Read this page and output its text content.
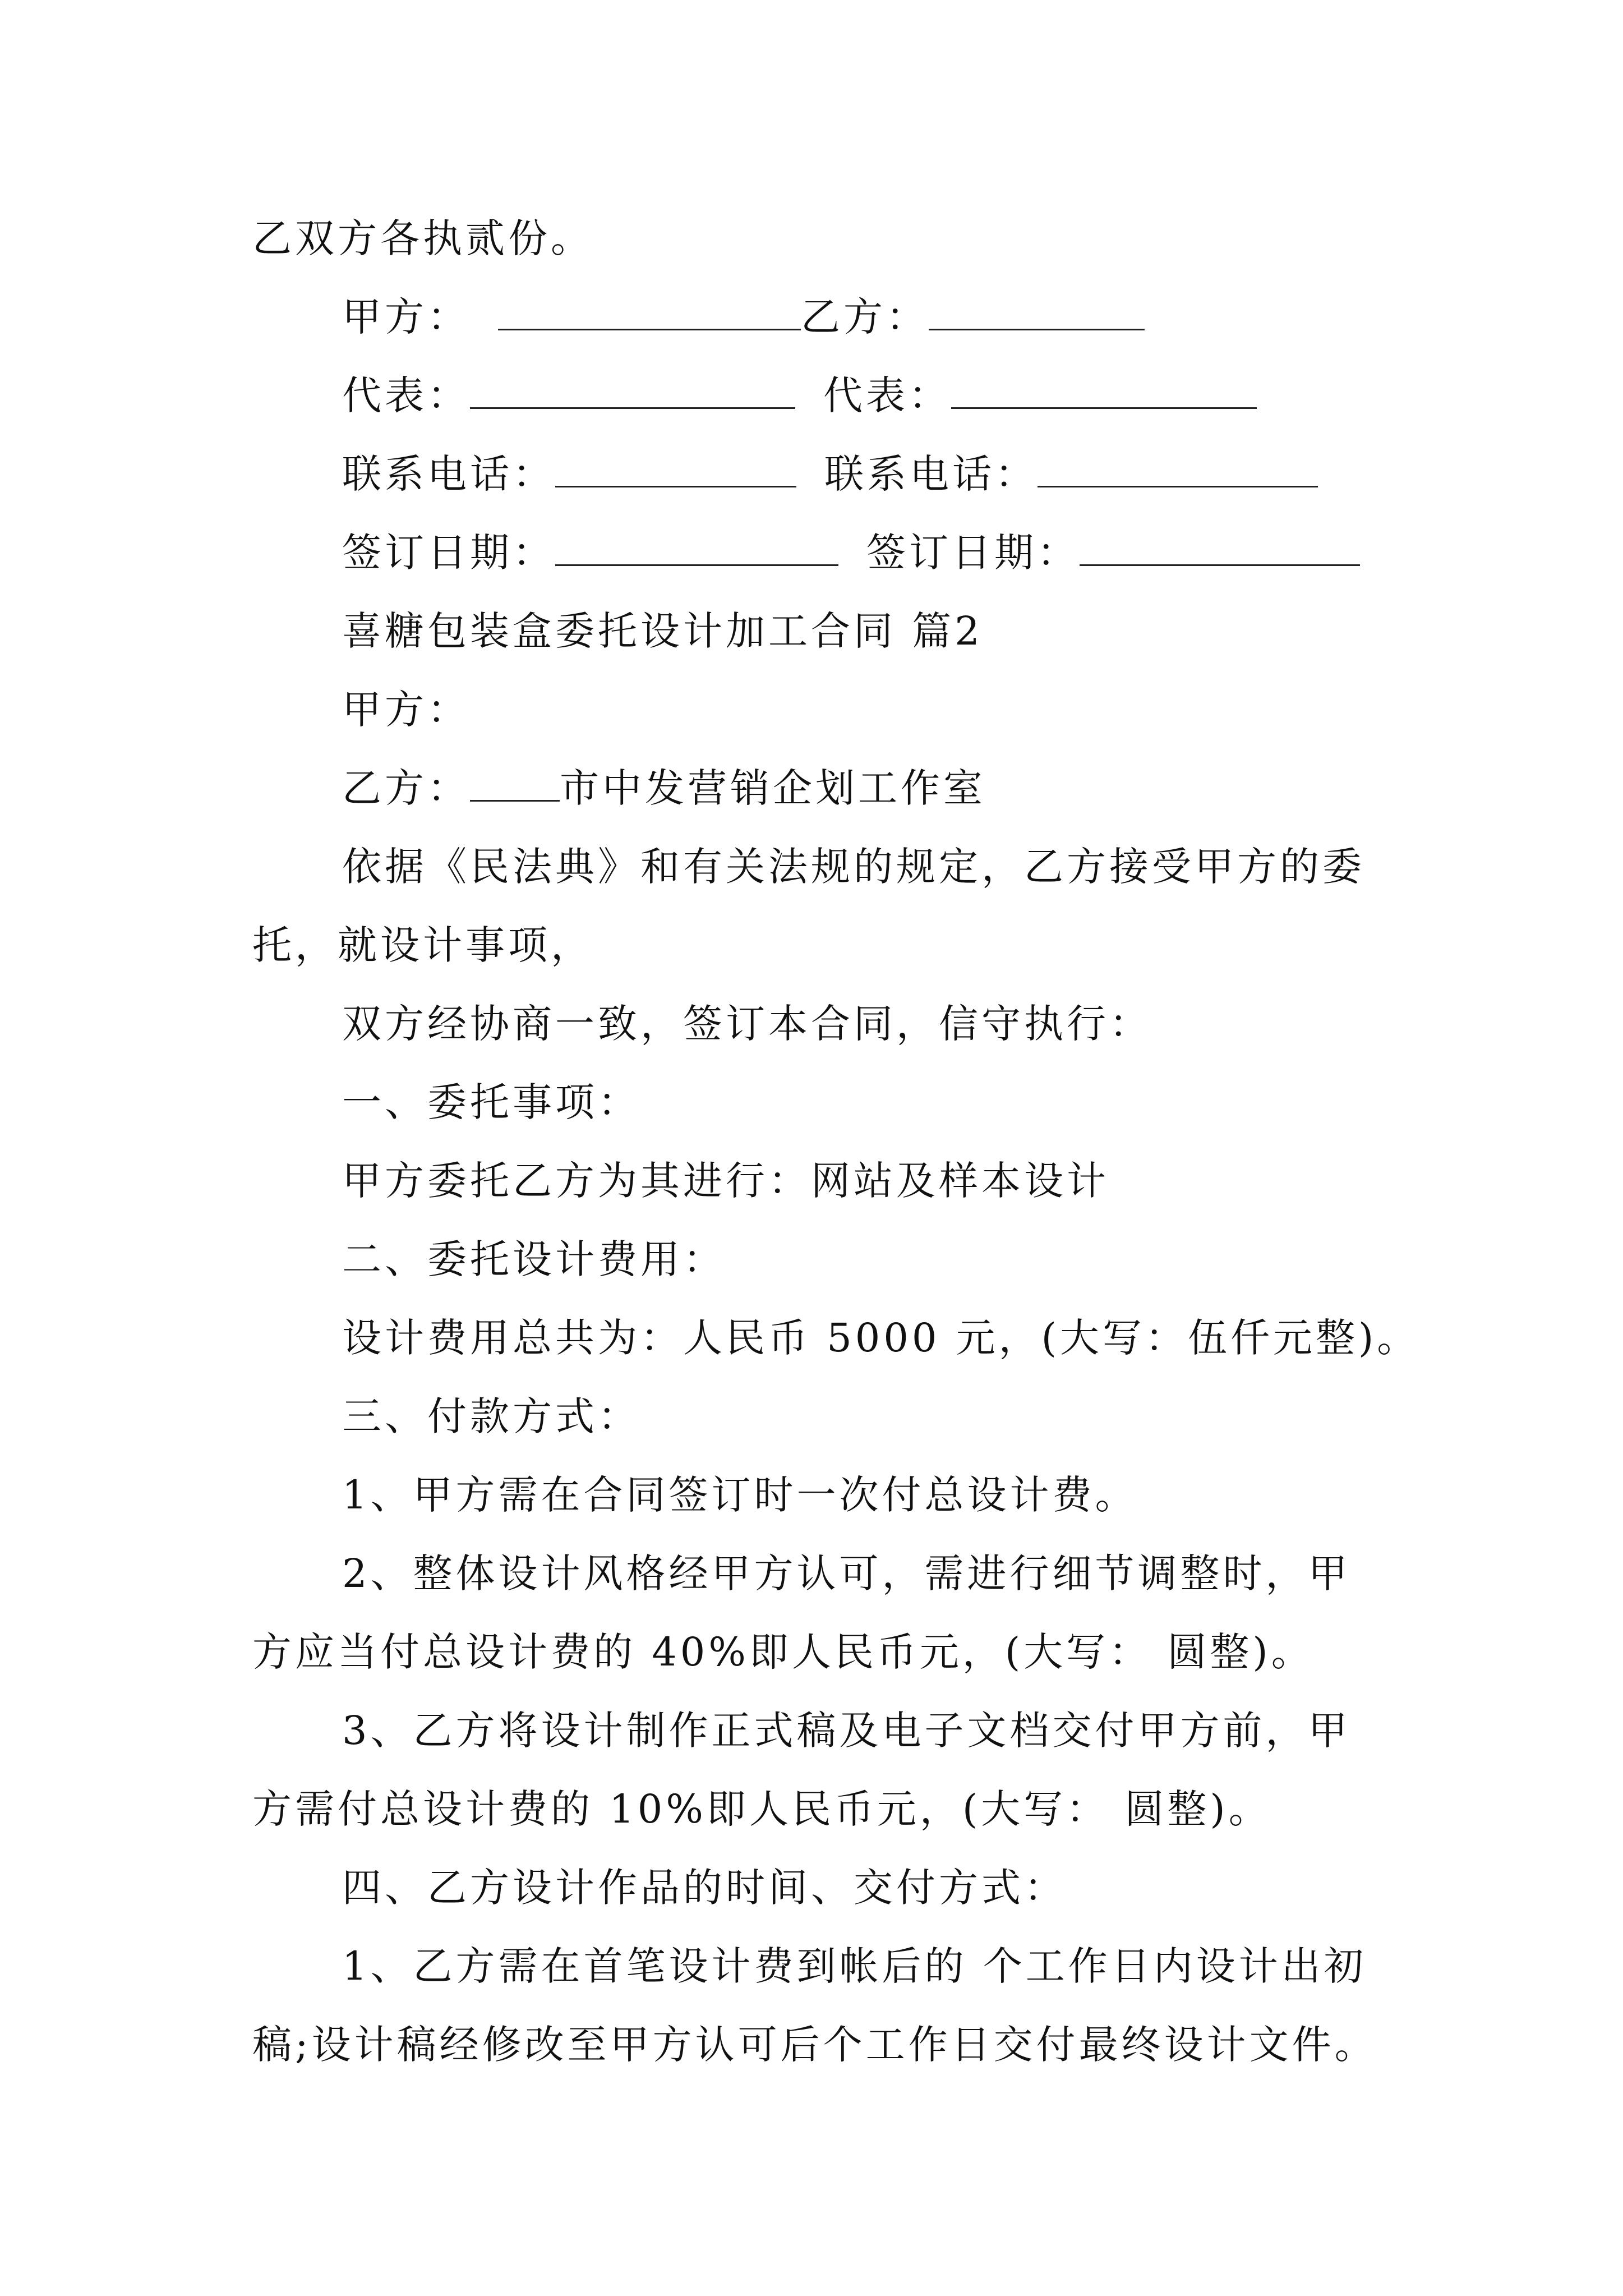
乙双方各执贰份。
甲方：	乙方：
代表：	代表：
联系电话：	联系电话：
签订日期：	签订日期：
喜糖包装盒委托设计加工合同 篇2
甲方：
乙方： 市中发营销企划工作室
依据《民法典》和有关法规的规定，乙方接受甲方的委
托，就设计事项，
双方经协商一致，签订本合同，信守执行：
一、委托事项：
甲方委托乙方为其进行：网站及样本设计
二、委托设计费用：
设计费用总共为：人民币 5000 元，(大写：伍仟元整)。
三、付款方式：
1、甲方需在合同签订时一次付总设计费。
2、整体设计风格经甲方认可，需进行细节调整时，甲
方应当付总设计费的 40%即人民币元，(大写： 圆整)。
3、乙方将设计制作正式稿及电子文档交付甲方前，甲
方需付总设计费的 10%即人民币元，(大写： 圆整)。
四、乙方设计作品的时间、交付方式：
1、乙方需在首笔设计费到帐后的 个工作日内设计出初
稿;设计稿经修改至甲方认可后个工作日交付最终设计文件。
